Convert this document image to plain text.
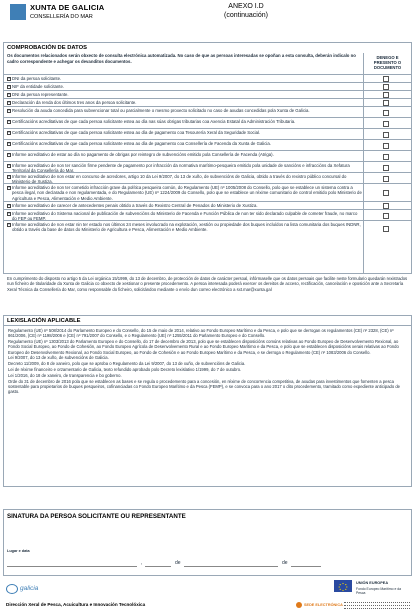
XUNTA DE GALICIA
CONSELLERÍA DO MAR
ANEXO I.D
(continuación)
COMPROBACIÓN DE DATOS
Os documentos relacionados serán obxecto de consulta electrónica automatizada. No caso de que as persoas interesadas se opoñan a esta consulta, deberán indicalo no cadro correspondente e achegar os devanditos documentos.
DENEGO E PRESENTO O DOCUMENTO
× DNI da persoa solicitante.
× NIF da entidade solicitante.
× DNI da persoa representante.
× Declaración da renda dos últimos tres anos da persoa solicitante.
× Resolución da axuda concedida para subvencionar total ou parcialmente o mesmo proxecto solicitado no caso de axudas concedidas pola Xunta de Galicia.
× Certificacións acreditativas de que cada persoa solicitante estea ao día nas súas obrigas tributarias coa Axencia Estatal da Administración Tributaria.
× Certificacións acreditativas de que cada persoa solicitante estea ao día de pagamento coa Tesourería Xeral da Seguridade Social.
× Certificacións acreditativas de que cada persoa solicitante estea ao día de pagamento coa Consellería de Facenda da Xunta de Galicia.
× Informe acreditativo de estar ao día no pagamento de obrigas por reintegro de subvencións emitido pola Consellería de Facenda (Atriga).
× Informe acreditativo de non ter sanción firme pendente de pagamento por infracción da normativa marítimo-pesqueira emitido pola unidade de sancións e infraccións da Xefatura Territorial da Consellería do Mar.
× Informe acreditativo de non estar en concurso de acredores, artigo 10 da Lei 9/2007, do 13 de xuño, de subvencións de Galicia, obtido a través do rexistro público concursal do Ministerio de Xustiza.
× Informe acreditativo de non ter cometido infracción grave da política pesqueira común, do Regulamento (UE) nº 1005/2008 do Consello, polo que se establece un sistema contra a pesca ilegal, non declarada e non regulamentada, e do Regulamento (UE) nº 1224/2009 do Consello, polo que se establece un réxime comunitario de control emitido polo Ministerio de Agricultura e Pesca, Alimentación e Medio Ambiente.
× Informe acreditativo de carecer de antecedentes penais obtido a través do Rexistro Central de Penados do Ministerio de Xustiza.
× Informe acreditativo do Sistema nacional de publicación de subvencións do Ministerio de Facenda e Función Pública de non ter sido declarado culpable de cometer fraude, no marco do FEP ou FEMP.
× Informe acreditativo de non estar nin ter estado nos últimos 24 meses involucrado na explotación, xestión ou propiedade dos buques incluídos na lista comunitaria dos buques INDNR, obtido a través da base de datos do Ministerio de Agricultura e Pesca, Alimentación e Medio Ambiente.
En cumprimento do disposto no artigo 5 da Lei orgánica 15/1999, do 13 de decembro, de protección de datos de carácter persoal, infórmaselle que os datos persoais que facilite neste formulario quedarán rexistrados nun ficheiro de titularidade da Xunta de Galicia co obxecto de xestionar o presente procedemento. A persoa interesada poderá exercer os dereitos de acceso, rectificación, cancelación e oposición ante a Secretaría Xeral Técnica da Consellería do Mar, como responsable do ficheiro, solicitándoo mediante o envío dun correo electrónico a sxt.mar@xunta.gal
LEXISLACIÓN APLICABLE
Regulamento (UE) nº 508/2014 do Parlamento Europeo e do Consello, do 15 de maio de 2014, relativo ao Fondo Europeo Marítimo e da Pesca, e polo que se derrogan os regulamentos (CE) nº 2328, (CE) nº 861/2006, (CE) nº 1198/2006 e (CE) nº 791/2007 do Consello, e o Regulamento (UE) nº 1255/2011 do Parlamento Europeo e do Consello.
Regulamento (UE) nº 1303/2013 do Parlamento Europeo e do Consello, do 17 de decembro de 2013, polo que se establecen disposicións comúns relativas ao Fondo Europeo de Desenvolvemento Rexional, ao Fondo Social Europeo, ao Fondo de Cohesión, ao Fondo Europeo Agrícola de Desenvolvemento Rural e ao Fondo Europeo Marítimo e da Pesca, e polo que se establecen disposicións xerais relativas ao Fondo Europeo de Desenvolvemento Rexional, ao Fondo Social Europeo, ao Fondo de Cohesión e ao Fondo Europeo Marítimo e da Pesca, e se derroga o Regulamento (CE) nº 1083/2006 do Consello.
Lei 9/2007, do 13 de xuño, de subvencións de Galicia.
Decreto 11/2009, do 8 de xaneiro, polo que se aproba o Regulamento da Lei 9/2007, do 13 de xuño, de subvencións de Galicia.
Lei de réxime financeiro e orzamentario de Galicia, texto refundido aprobado polo Decreto lexislativo 1/1999, do 7 de outubro.
Lei 1/2016, do 18 de xaneiro, de transparencia e bo goberno.
Orde do 31 de decembro de 2016 pola que se establecen as bases e se regula o procedemento para a concesión, en réxime de concorrencia competitiva, de axudas para investimentos que fomenten a pesca sostentable para propietarios de buques pesqueiros, cofinanciadas co Fondo Europeo Marítimo e da Pesca (FEMP), e se convoca para o ano 2017 o dito procedemento, tramitado como expediente anticipado de gasto.
SINATURA DA PERSOA SOLICITANTE OU REPRESENTANTE
Lugar e data
,	de	de
galicia
Dirección Xeral de Pesca, Acuicultura e Innovación Tecnolóxica
UNIÓN EUROPEA
Fondo Europeo Marítimo e da Pesca
SEDE ELECTRÓNICA
